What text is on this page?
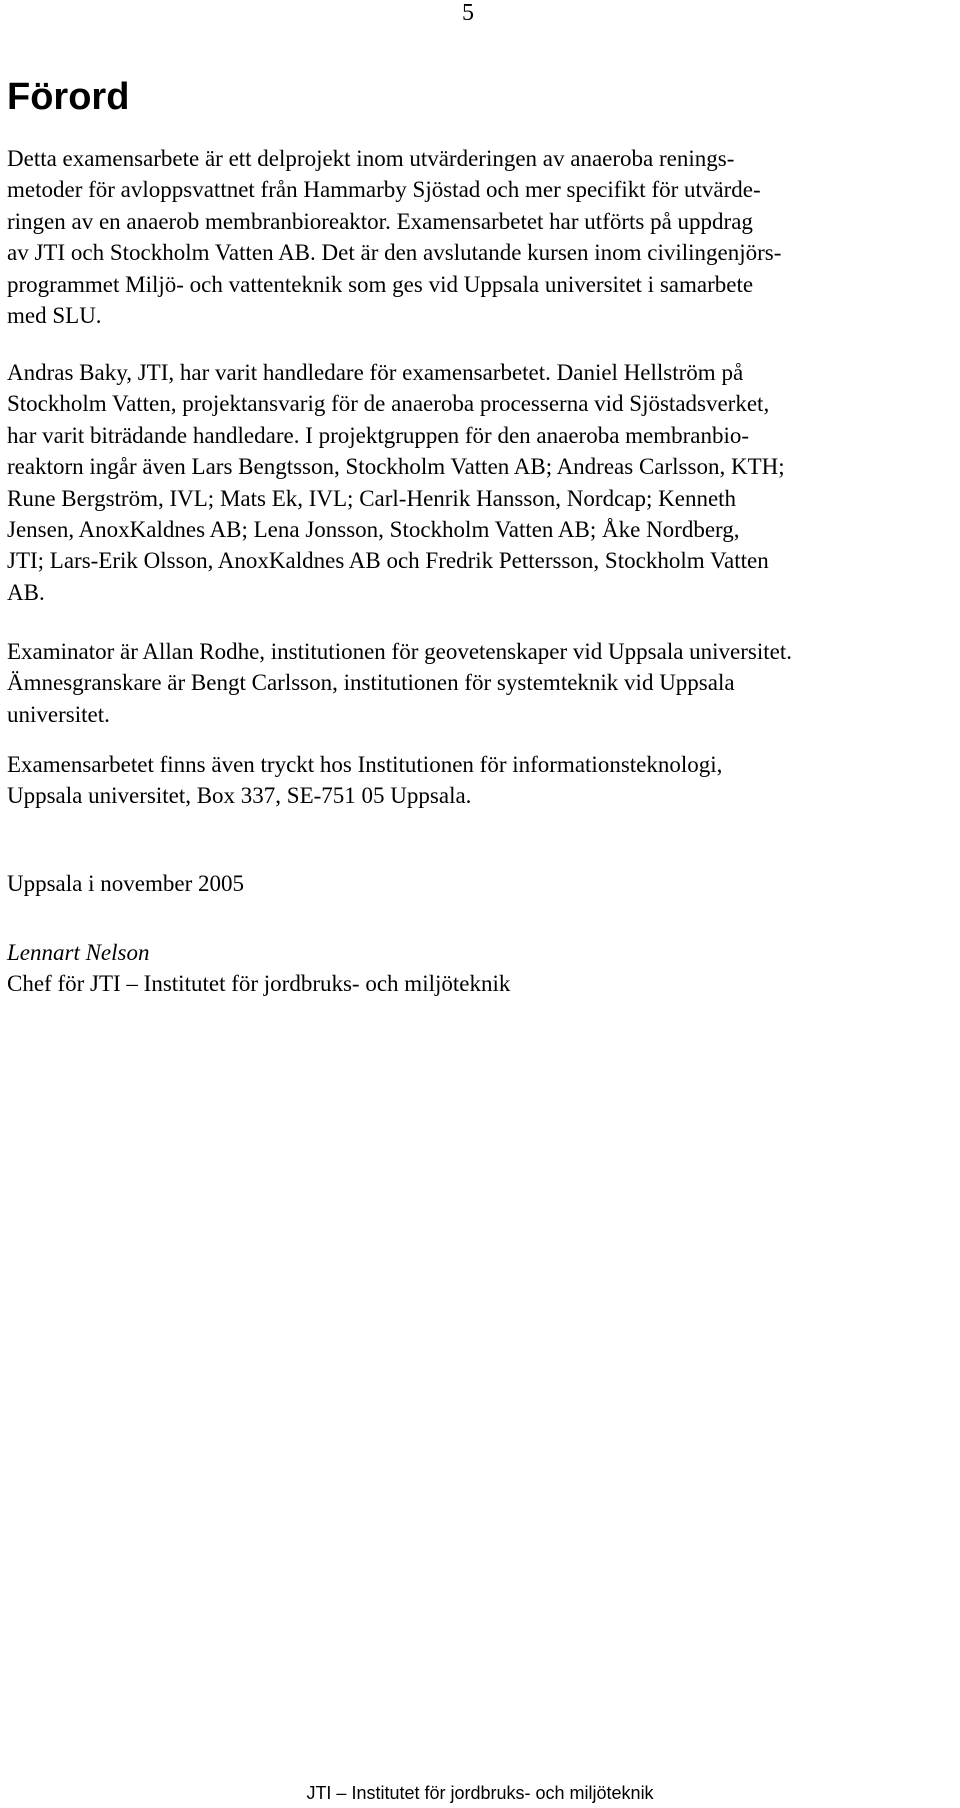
5
Förord

Detta examensarbete är ett delprojekt inom utvärderingen av anaeroba renings-
metoder för avloppsvattnet från Hammarby Sjöstad och mer specifikt för utvärde-
ringen av en anaerob membranbioreaktor. Examensarbetet har utförts på uppdrag
av JTI och Stockholm Vatten AB. Det är den avslutande kursen inom civilingenjörs-
programmet Miljö- och vattenteknik som ges vid Uppsala universitet i samarbete
med SLU.

Andras Baky, JTI, har varit handledare för examensarbetet. Daniel Hellström på
Stockholm Vatten, projektansvarig för de anaeroba processerna vid Sjöstadsverket,
har varit biträdande handledare. I projektgruppen för den anaeroba membranbio-
reaktorn ingår även Lars Bengtsson, Stockholm Vatten AB; Andreas Carlsson, KTH;
Rune Bergström, IVL; Mats Ek, IVL; Carl-Henrik Hansson, Nordcap; Kenneth
Jensen, AnoxKaldnes AB; Lena Jonsson, Stockholm Vatten AB; Åke Nordberg,
JTI; Lars-Erik Olsson, AnoxKaldnes AB och Fredrik Pettersson, Stockholm Vatten
AB.

Examinator är Allan Rodhe, institutionen för geovetenskaper vid Uppsala universitet.
Ämnesgranskare är Bengt Carlsson, institutionen för systemteknik vid Uppsala
universitet.

Examensarbetet finns även tryckt hos Institutionen för informationsteknologi,
Uppsala universitet, Box 337, SE-751 05 Uppsala.

Uppsala i november 2005

Lennart Nelson
Chef för JTI – Institutet för jordbruks- och miljöteknik

JTI – Institutet för jordbruks- och miljöteknik
